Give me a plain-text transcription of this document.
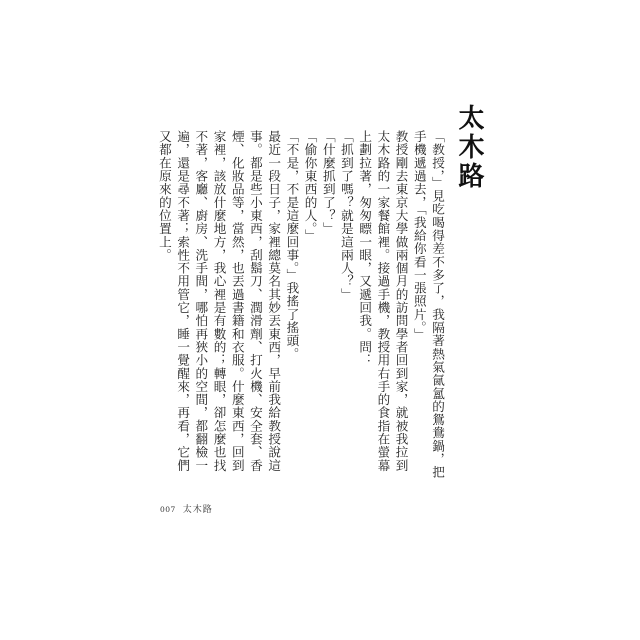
太木路

「教授，」見吃喝得差不多了，我隔著熱氣氤氳的鴛鴦鍋，把手機遞過去，「我給你看一張照片。」

教授剛去東京大學做兩個月的訪問學者回到家，就被我拉到太木路的一家餐館裡。接過手機，教授用右手的食指在螢幕上劃拉著，匆匆瞟一眼，又遞回我。問：

「抓到了嗎？就是這兩人？」

「什麼抓到了？」

「偷你東西的人。」

「不是，不是這麼回事。」我搖了搖頭。

最近一段日子，家裡總莫名其妙丟東西，早前我給教授說這事。都是些小東西，刮鬍刀、潤滑劑、打火機、安全套、香煙、化妝品等，當然，也丟過書籍和衣服。什麼東西，回到家裡，該放什麼地方，我心裡是有數的；轉眼，卻怎麼也找不著，客廳、廚房、洗手間，哪怕再狹小的空間，都翻檢一遍，還是尋不著；索性不用管它，睡一覺醒來，再看，它們又都在原來的位置上。

007 太木路
